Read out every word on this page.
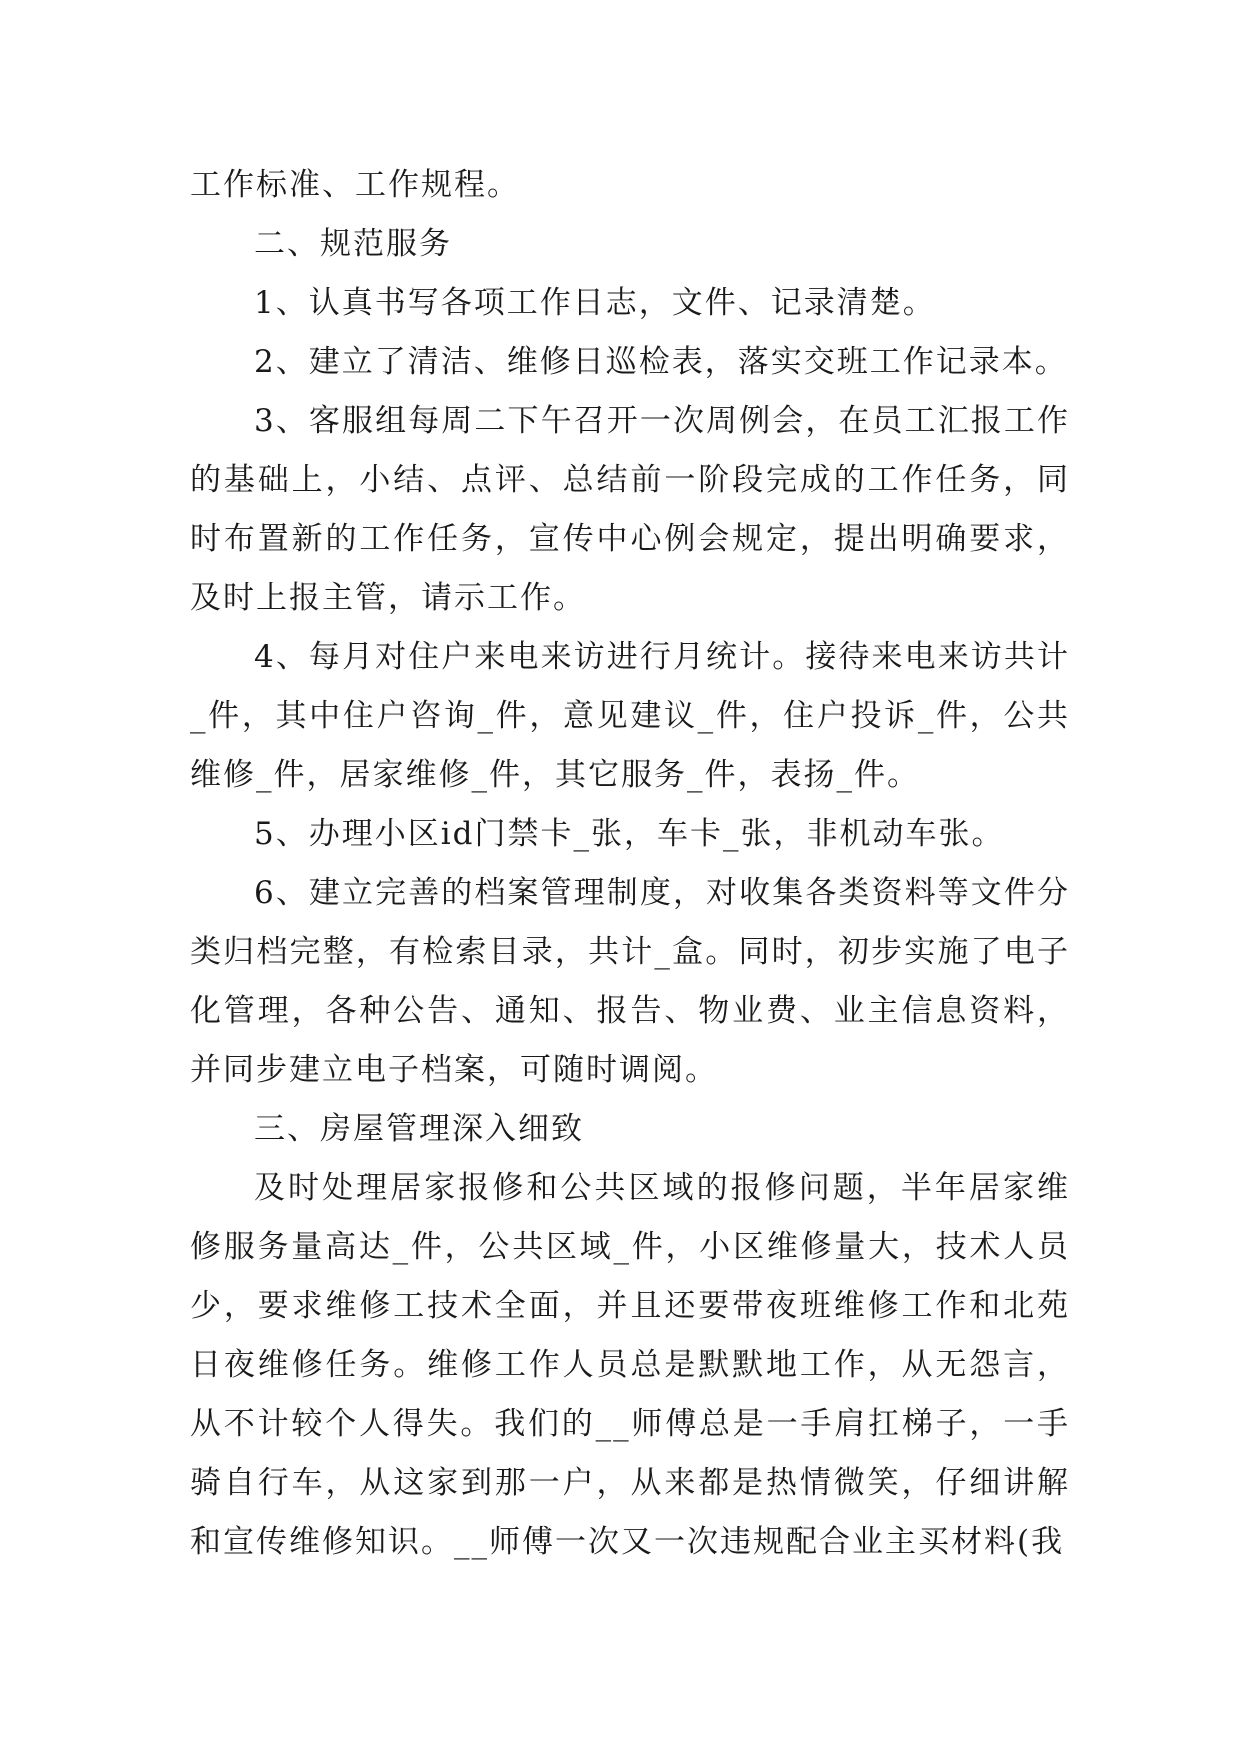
工作标准、工作规程。

二、规范服务

1、认真书写各项工作日志，文件、记录清楚。

2、建立了清洁、维修日巡检表，落实交班工作记录本。

3、客服组每周二下午召开一次周例会，在员工汇报工作的基础上，小结、点评、总结前一阶段完成的工作任务，同时布置新的工作任务，宣传中心例会规定，提出明确要求，及时上报主管，请示工作。

4、每月对住户来电来访进行月统计。接待来电来访共计_件，其中住户咨询_件，意见建议_件，住户投诉_件，公共维修_件，居家维修_件，其它服务_件，表扬_件。

5、办理小区id门禁卡_张，车卡_张，非机动车张。

6、建立完善的档案管理制度，对收集各类资料等文件分类归档完整，有检索目录，共计_盒。同时，初步实施了电子化管理，各种公告、通知、报告、物业费、业主信息资料，并同步建立电子档案，可随时调阅。

三、房屋管理深入细致

及时处理居家报修和公共区域的报修问题，半年居家维修服务量高达_件，公共区域_件，小区维修量大，技术人员少，要求维修工技术全面，并且还要带夜班维修工作和北苑日夜维修任务。维修工作人员总是默默地工作，从无怨言，从不计较个人得失。我们的__师傅总是一手肩扛梯子，一手骑自行车，从这家到那一户，从来都是热情微笑，仔细讲解和宣传维修知识。__师傅一次又一次违规配合业主买材料(我
